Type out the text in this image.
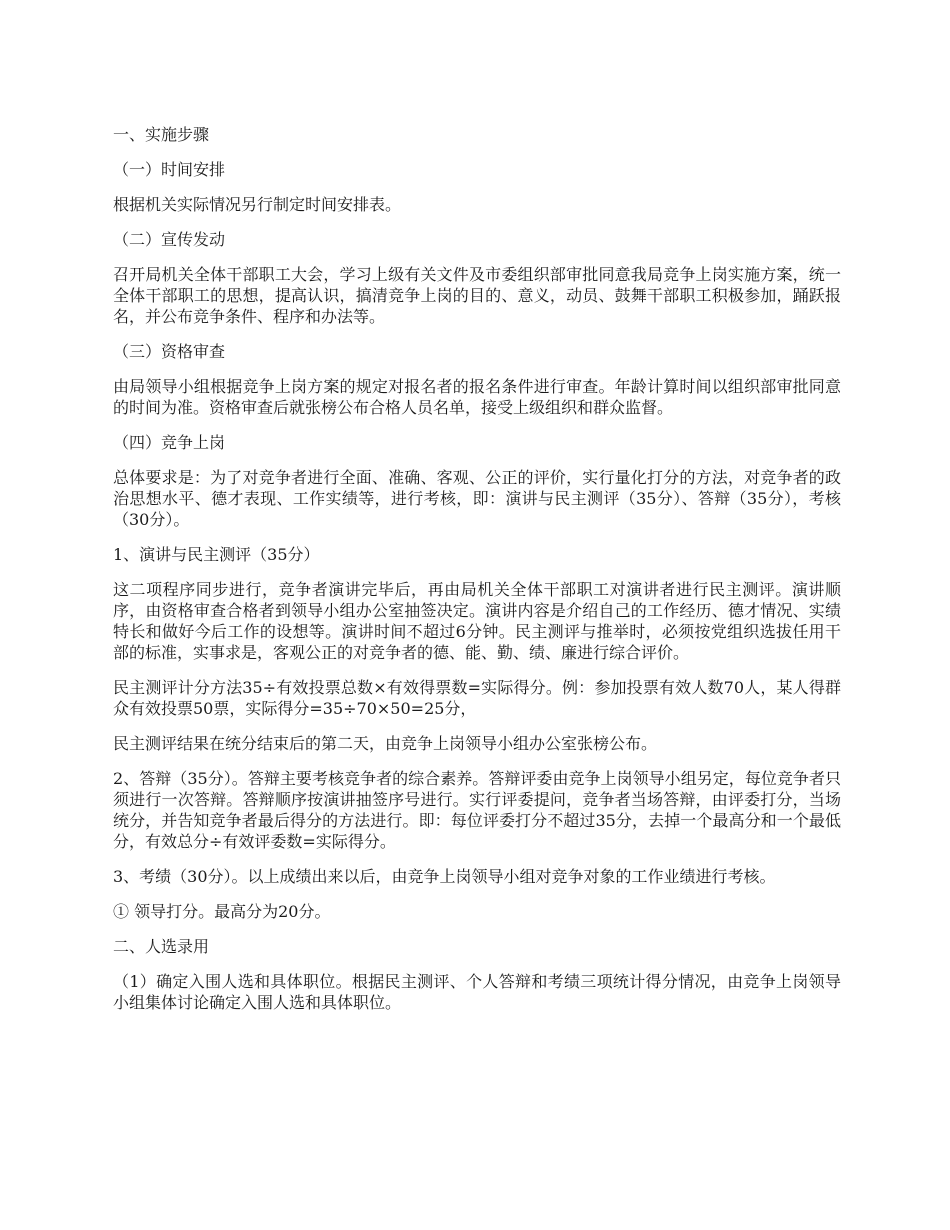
一、实施步骤

（一）时间安排

根据机关实际情况另行制定时间安排表。

（二）宣传发动

召开局机关全体干部职工大会，学习上级有关文件及市委组织部审批同意我局竞争上岗实施方案，统一全体干部职工的思想，提高认识，搞清竞争上岗的目的、意义，动员、鼓舞干部职工积极参加，踊跃报名，并公布竞争条件、程序和办法等。

（三）资格审查

由局领导小组根据竞争上岗方案的规定对报名者的报名条件进行审查。年龄计算时间以组织部审批同意的时间为准。资格审查后就张榜公布合格人员名单，接受上级组织和群众监督。

（四）竞争上岗

总体要求是：为了对竞争者进行全面、准确、客观、公正的评价，实行量化打分的方法，对竞争者的政治思想水平、德才表现、工作实绩等，进行考核，即：演讲与民主测评（35分）、答辩（35分），考核（30分）。

1、演讲与民主测评（35分）

这二项程序同步进行，竞争者演讲完毕后，再由局机关全体干部职工对演讲者进行民主测评。演讲顺序，由资格审查合格者到领导小组办公室抽签决定。演讲内容是介绍自己的工作经历、德才情况、实绩特长和做好今后工作的设想等。演讲时间不超过6分钟。民主测评与推举时，必须按党组织选拔任用干部的标准，实事求是，客观公正的对竞争者的德、能、勤、绩、廉进行综合评价。

民主测评计分方法35÷有效投票总数×有效得票数=实际得分。例：参加投票有效人数70人，某人得群众有效投票50票，实际得分=35÷70×50=25分，

民主测评结果在统分结束后的第二天，由竞争上岗领导小组办公室张榜公布。

2、答辩（35分）。答辩主要考核竞争者的综合素养。答辩评委由竞争上岗领导小组另定，每位竞争者只须进行一次答辩。答辩顺序按演讲抽签序号进行。实行评委提问，竞争者当场答辩，由评委打分，当场统分，并告知竞争者最后得分的方法进行。即：每位评委打分不超过35分，去掉一个最高分和一个最低分，有效总分÷有效评委数=实际得分。

3、考绩（30分）。以上成绩出来以后，由竞争上岗领导小组对竞争对象的工作业绩进行考核。

① 领导打分。最高分为20分。

二、人选录用

（1）确定入围人选和具体职位。根据民主测评、个人答辩和考绩三项统计得分情况，由竞争上岗领导小组集体讨论确定入围人选和具体职位。
